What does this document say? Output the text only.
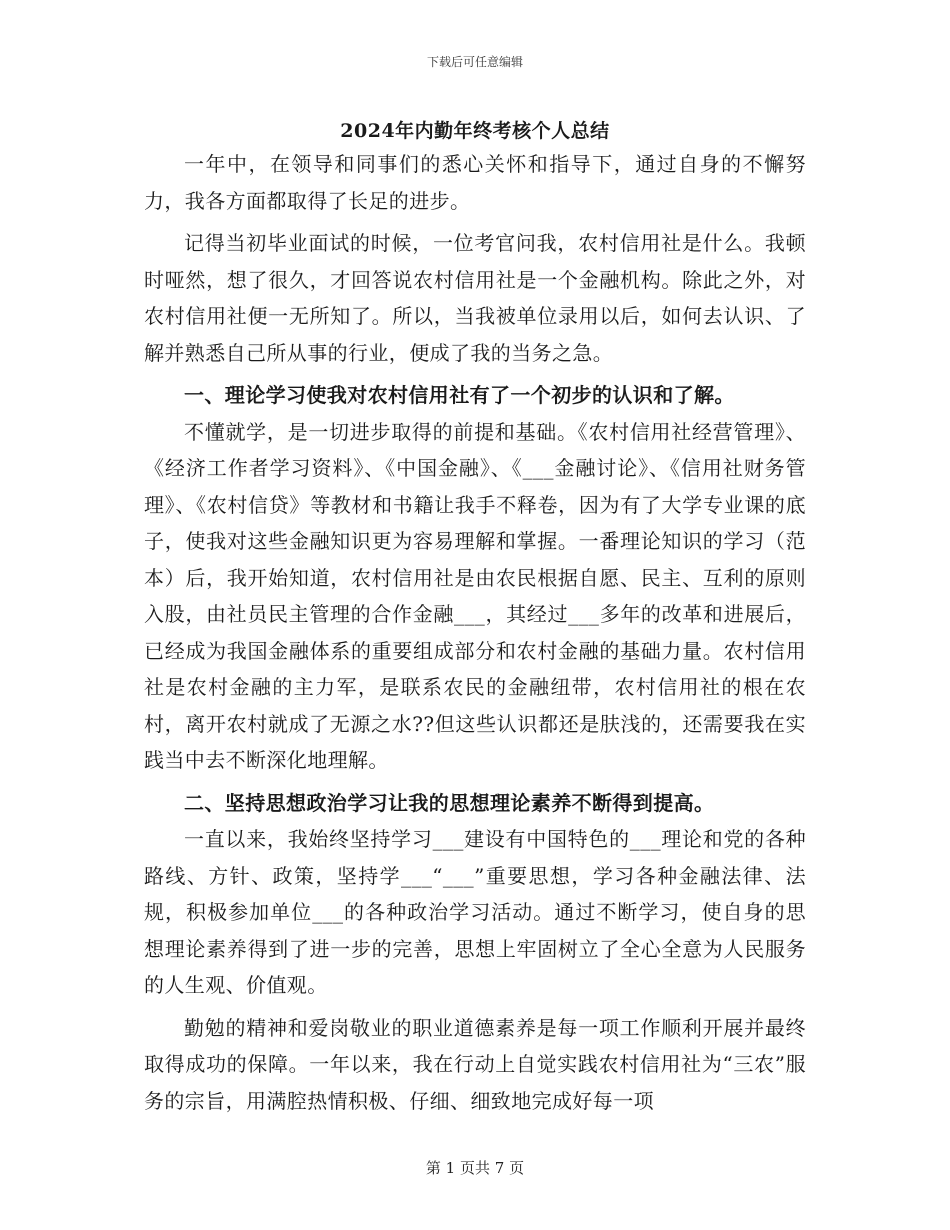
下载后可任意编辑
2024年内勤年终考核个人总结

一年中，在领导和同事们的悉心关怀和指导下，通过自身的不懈努力，我各方面都取得了长足的进步。

记得当初毕业面试的时候，一位考官问我，农村信用社是什么。我顿时哑然，想了很久，才回答说农村信用社是一个金融机构。除此之外，对农村信用社便一无所知了。所以，当我被单位录用以后，如何去认识、了解并熟悉自己所从事的行业，便成了我的当务之急。

一、理论学习使我对农村信用社有了一个初步的认识和了解。

不懂就学，是一切进步取得的前提和基础。《农村信用社经营管理》、《经济工作者学习资料》、《中国金融》、《___金融讨论》、《信用社财务管理》、《农村信贷》等教材和书籍让我手不释卷，因为有了大学专业课的底子，使我对这些金融知识更为容易理解和掌握。一番理论知识的学习（范本）后，我开始知道，农村信用社是由农民根据自愿、民主、互利的原则入股，由社员民主管理的合作金融___，其经过___多年的改革和进展后，已经成为我国金融体系的重要组成部分和农村金融的基础力量。农村信用社是农村金融的主力军，是联系农民的金融纽带，农村信用社的根在农村，离开农村就成了无源之水??但这些认识都还是肤浅的，还需要我在实践当中去不断深化地理解。

二、坚持思想政治学习让我的思想理论素养不断得到提高。

一直以来，我始终坚持学习___建设有中国特色的___理论和党的各种路线、方针、政策，坚持学___“___”重要思想，学习各种金融法律、法规，积极参加单位___的各种政治学习活动。通过不断学习，使自身的思想理论素养得到了进一步的完善，思想上牢固树立了全心全意为人民服务的人生观、价值观。

勤勉的精神和爱岗敬业的职业道德素养是每一项工作顺利开展并最终取得成功的保障。一年以来，我在行动上自觉实践农村信用社为“三农”服务的宗旨，用满腔热情积极、仔细、细致地完成好每一项

第 1 页共 7 页
